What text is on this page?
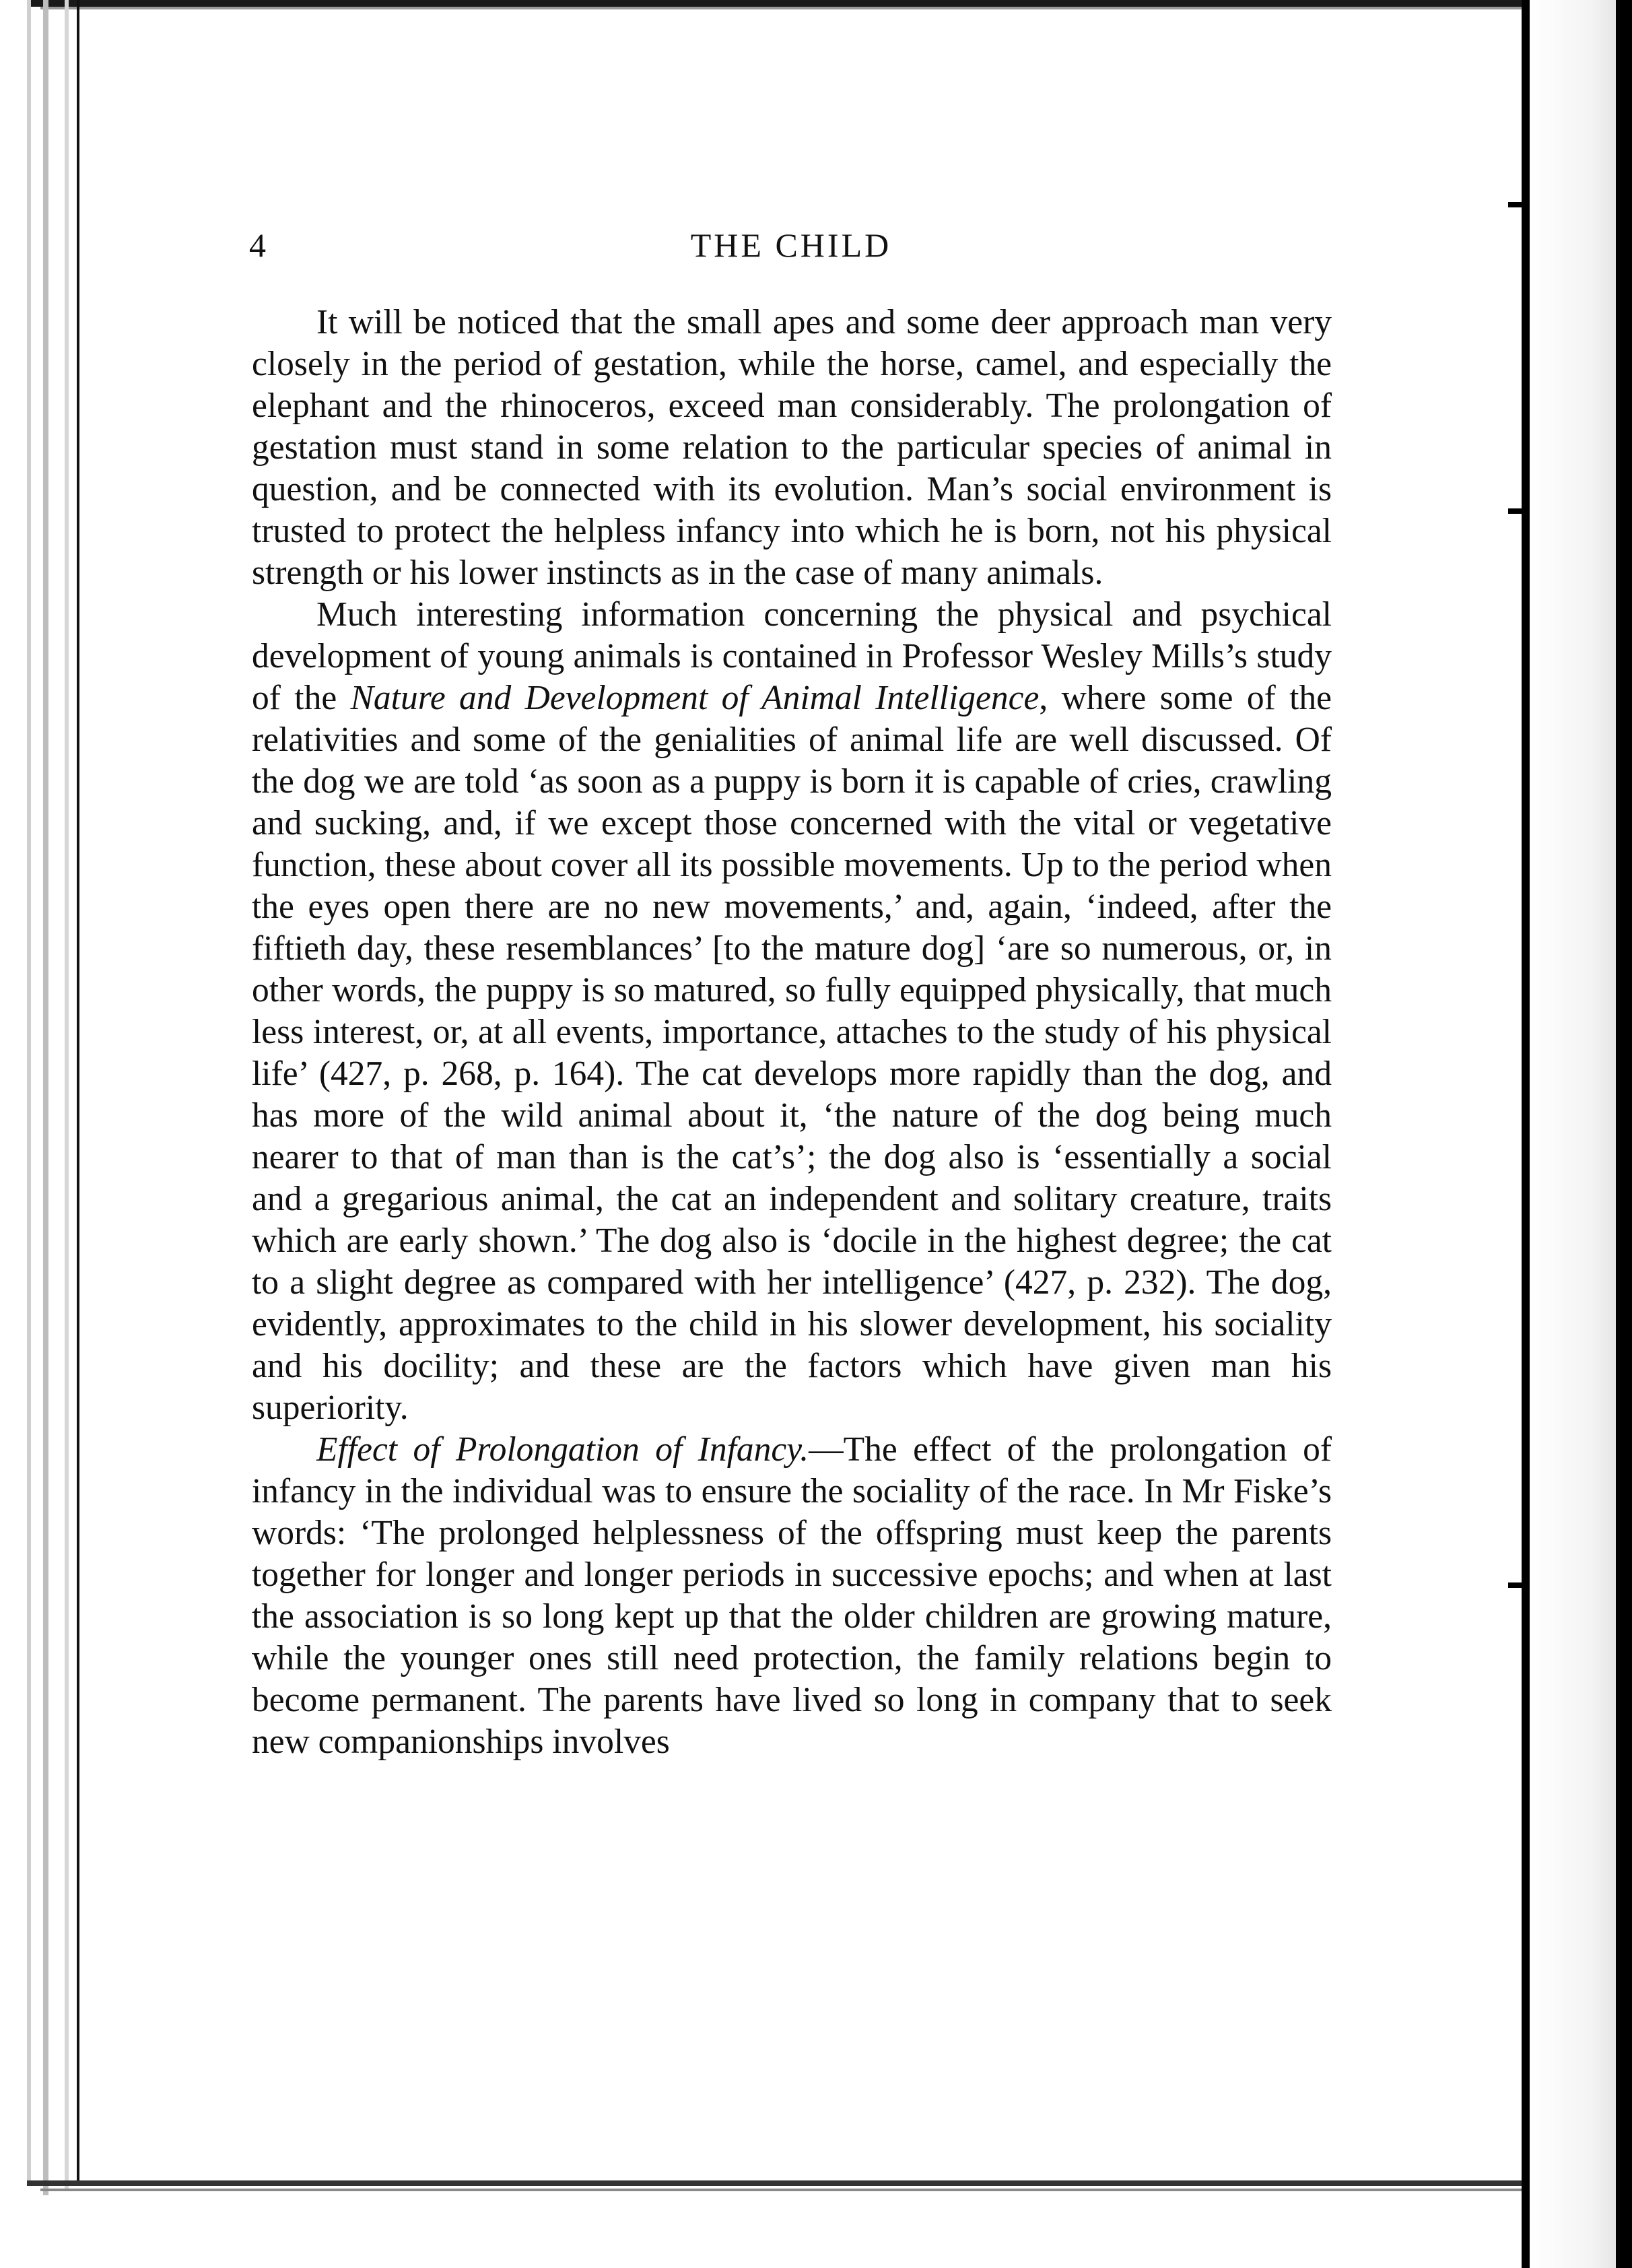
4	THE CHILD

It will be noticed that the small apes and some deer approach man very closely in the period of gestation, while the horse, camel, and especially the elephant and the rhinoceros, exceed man considerably. The prolongation of gestation must stand in some relation to the particular species of animal in question, and be connected with its evolution. Man’s social environment is trusted to protect the helpless infancy into which he is born, not his physical strength or his lower instincts as in the case of many animals.

Much interesting information concerning the physical and psychical development of young animals is contained in Professor Wesley Mills’s study of the Nature and Development of Animal Intelligence, where some of the relativities and some of the genialities of animal life are well discussed. Of the dog we are told ‘as soon as a puppy is born it is capable of cries, crawling and sucking, and, if we except those concerned with the vital or vegetative function, these about cover all its possible movements. Up to the period when the eyes open there are no new movements,’ and, again, ‘indeed, after the fiftieth day, these resemblances’ [to the mature dog] ‘are so numerous, or, in other words, the puppy is so matured, so fully equipped physically, that much less interest, or, at all events, importance, attaches to the study of his physical life’ (427, p. 268, p. 164). The cat develops more rapidly than the dog, and has more of the wild animal about it, ‘the nature of the dog being much nearer to that of man than is the cat’s’; the dog also is ‘essentially a social and a gregarious animal, the cat an independent and solitary creature, traits which are early shown.’ The dog also is ‘docile in the highest degree; the cat to a slight degree as compared with her intelligence’ (427, p. 232). The dog, evidently, approximates to the child in his slower development, his sociality and his docility; and these are the factors which have given man his superiority.

Effect of Prolongation of Infancy.—The effect of the prolongation of infancy in the individual was to ensure the sociality of the race. In Mr Fiske’s words: ‘The prolonged helplessness of the offspring must keep the parents together for longer and longer periods in successive epochs; and when at last the association is so long kept up that the older children are growing mature, while the younger ones still need protection, the family relations begin to become permanent. The parents have lived so long in company that to seek new companionships involves
